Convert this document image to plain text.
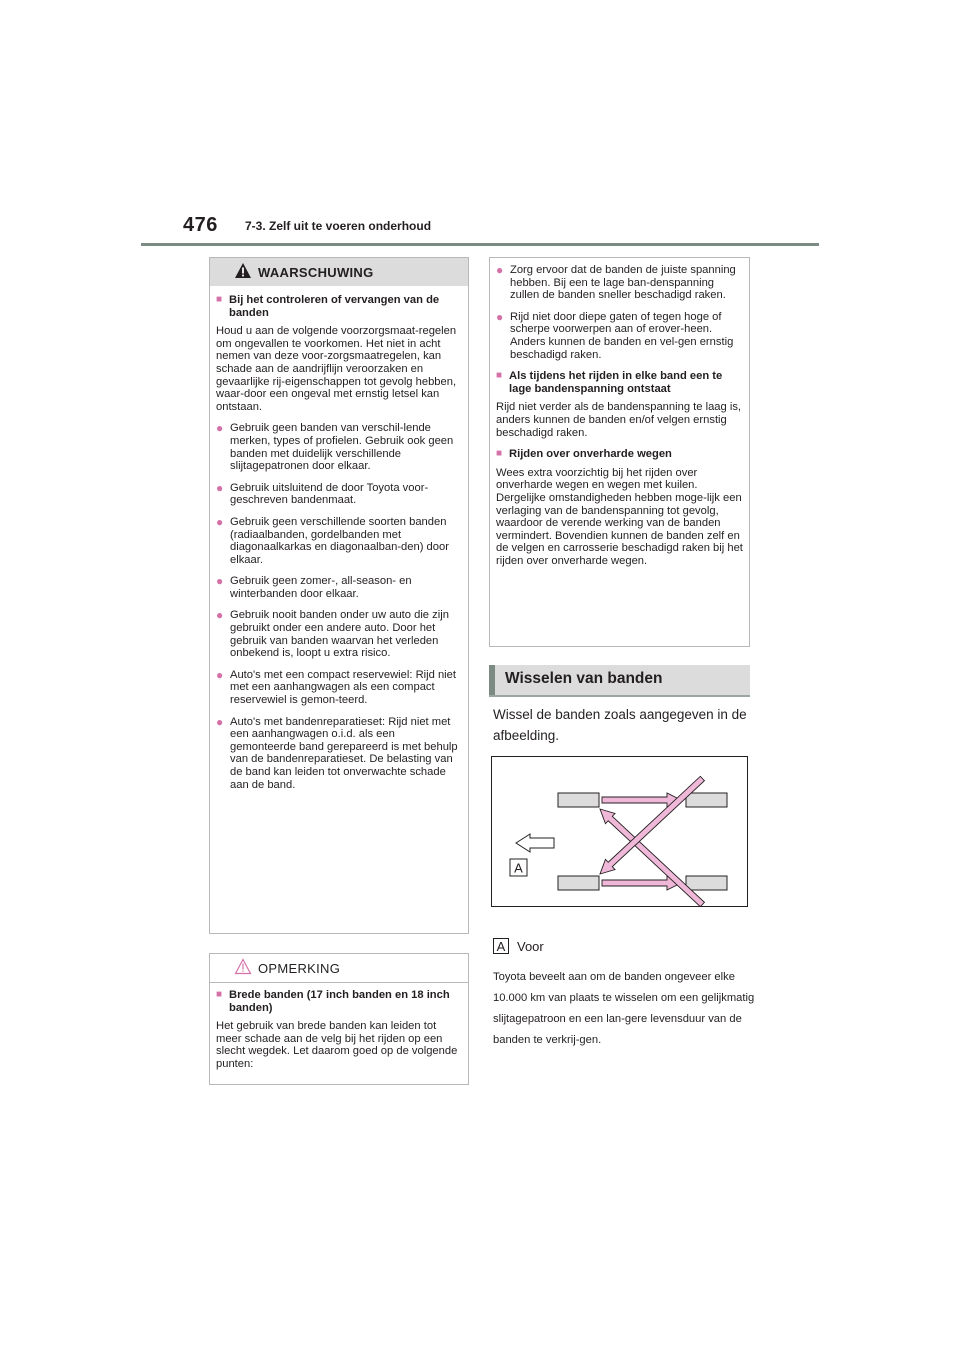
476 7-3. Zelf uit te voeren onderhoud
WAARSCHUWING
■ Bij het controleren of vervangen van de banden

Houd u aan de volgende voorzorgsmaat-regelen om ongevallen te voorkomen. Het niet in acht nemen van deze voor-zorgsmaatregelen, kan schade aan de aandrijflijn veroorzaken en gevaarlijke rij-eigenschappen tot gevolg hebben, waar-door een ongeval met ernstig letsel kan ontstaan.

● Gebruik geen banden van verschil-lende merken, types of profielen. Gebruik ook geen banden met duidelijk verschillende slijtagepatronen door elkaar.
● Gebruik uitsluitend de door Toyota voor-geschreven bandenmaat.
● Gebruik geen verschillende soorten banden (radiaalbanden, gordelbanden met diagonaalkarkas en diagonaalban-den) door elkaar.
● Gebruik geen zomer-, all-season- en winterbanden door elkaar.
● Gebruik nooit banden onder uw auto die zijn gebruikt onder een andere auto. Door het gebruik van banden waarvan het verleden onbekend is, loopt u extra risico.
● Auto's met een compact reservewiel: Rijd niet met een aanhangwagen als een compact reservewiel is gemon-teerd.
● Auto's met bandenreparatieset: Rijd niet met een aanhangwagen o.i.d. als een gemonteerde band gerepareerd is met behulp van de bandenreparatieset. De belasting van de band kan leiden tot onverwachte schade aan de band.
OPMERKING
■ Brede banden (17 inch banden en 18 inch banden)

Het gebruik van brede banden kan leiden tot meer schade aan de velg bij het rijden op een slecht wegdek. Let daarom goed op de volgende punten:

● Zorg ervoor dat de banden de juiste spanning hebben. Bij een te lage ban-denspanning zullen de banden sneller beschadigd raken.
● Rijd niet door diepe gaten of tegen hoge of scherpe voorwerpen aan of erover-heen. Anders kunnen de banden en vel-gen ernstig beschadigd raken.
■ Als tijdens het rijden in elke band een te lage bandenspanning ontstaat

Rijd niet verder als de bandenspanning te laag is, anders kunnen de banden en/of velgen ernstig beschadigd raken.

■ Rijden over onverharde wegen

Wees extra voorzichtig bij het rijden over onverharde wegen en wegen met kuilen. Dergelijke omstandigheden hebben moge-lijk een verlaging van de bandenspanning tot gevolg, waardoor de verende werking van de banden vermindert. Bovendien kunnen de banden zelf en de velgen en carrosserie beschadigd raken bij het rijden over onverharde wegen.

Wisselen van banden
Wissel de banden zoals aangegeven in de afbeelding.
A
A Voor
Toyota beveelt aan om de banden ongeveer elke 10.000 km van plaats te wisselen om een gelijkmatig slijtagepatroon en een lan-gere levensduur van de banden te verkrij-gen.
